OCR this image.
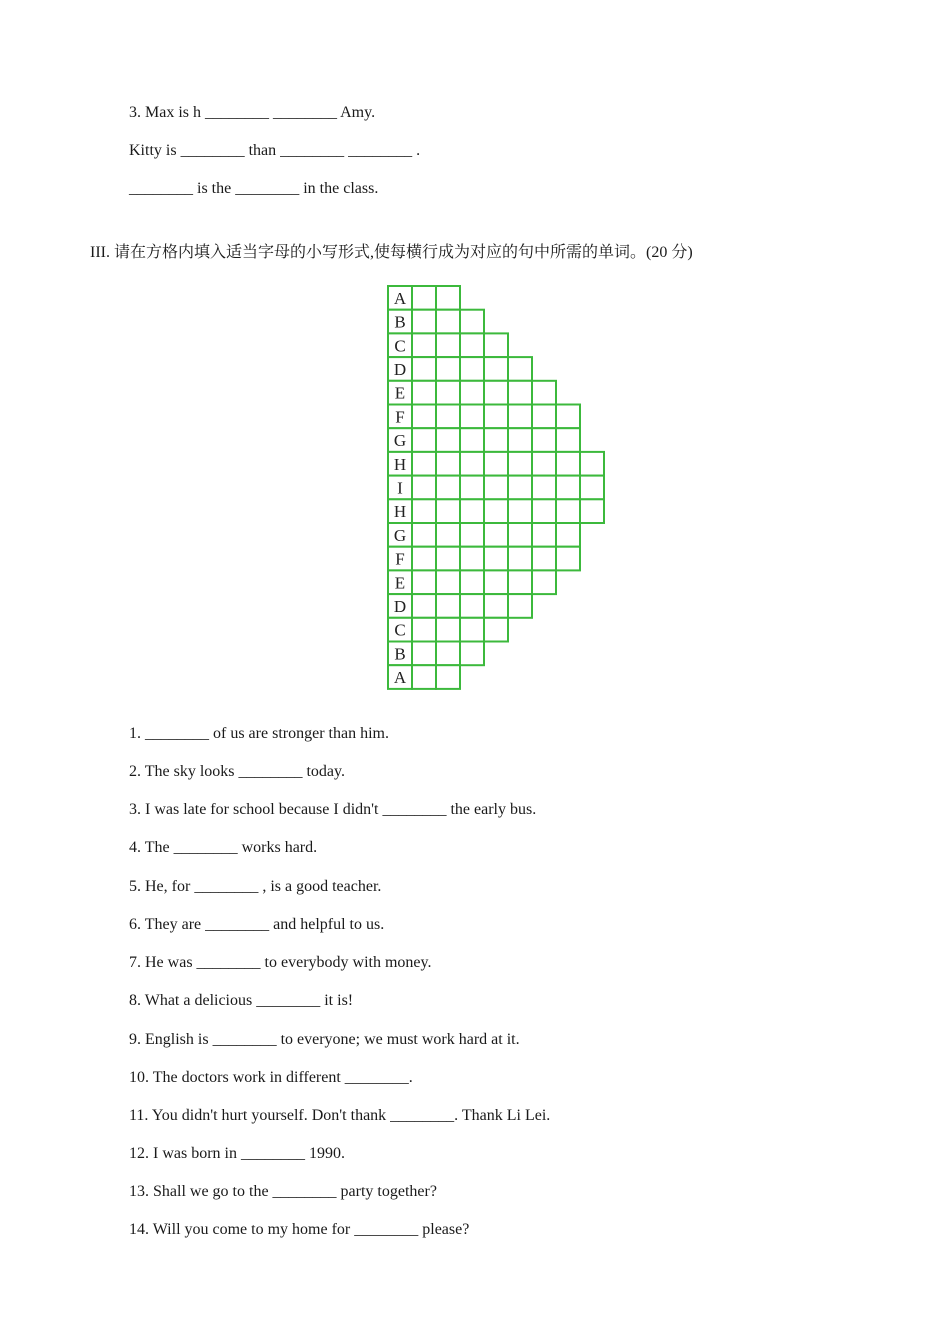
3. Max is h ________ ________ Amy.
Kitty is ________ than ________ ________ .
________ is the ________ in the class.
III. 请在方格内填入适当字母的小写形式,使每横行成为对应的句中所需的单词。(20 分)
A
B
C
D
E
F
G
H
I
H
G
F
E
D
C
B
A
1. ________ of us are stronger than him.
2. The sky looks ________ today.
3. I was late for school because I didn't ________ the early bus.
4. The ________ works hard.
5. He, for ________ , is a good teacher.
6. They are ________ and helpful to us.
7. He was ________ to everybody with money.
8. What a delicious ________ it is!
9. English is ________ to everyone; we must work hard at it.
10. The doctors work in different ________.
11. You didn't hurt yourself. Don't thank ________. Thank Li Lei.
12. I was born in ________ 1990.
13. Shall we go to the ________ party together?
14. Will you come to my home for ________ please?
